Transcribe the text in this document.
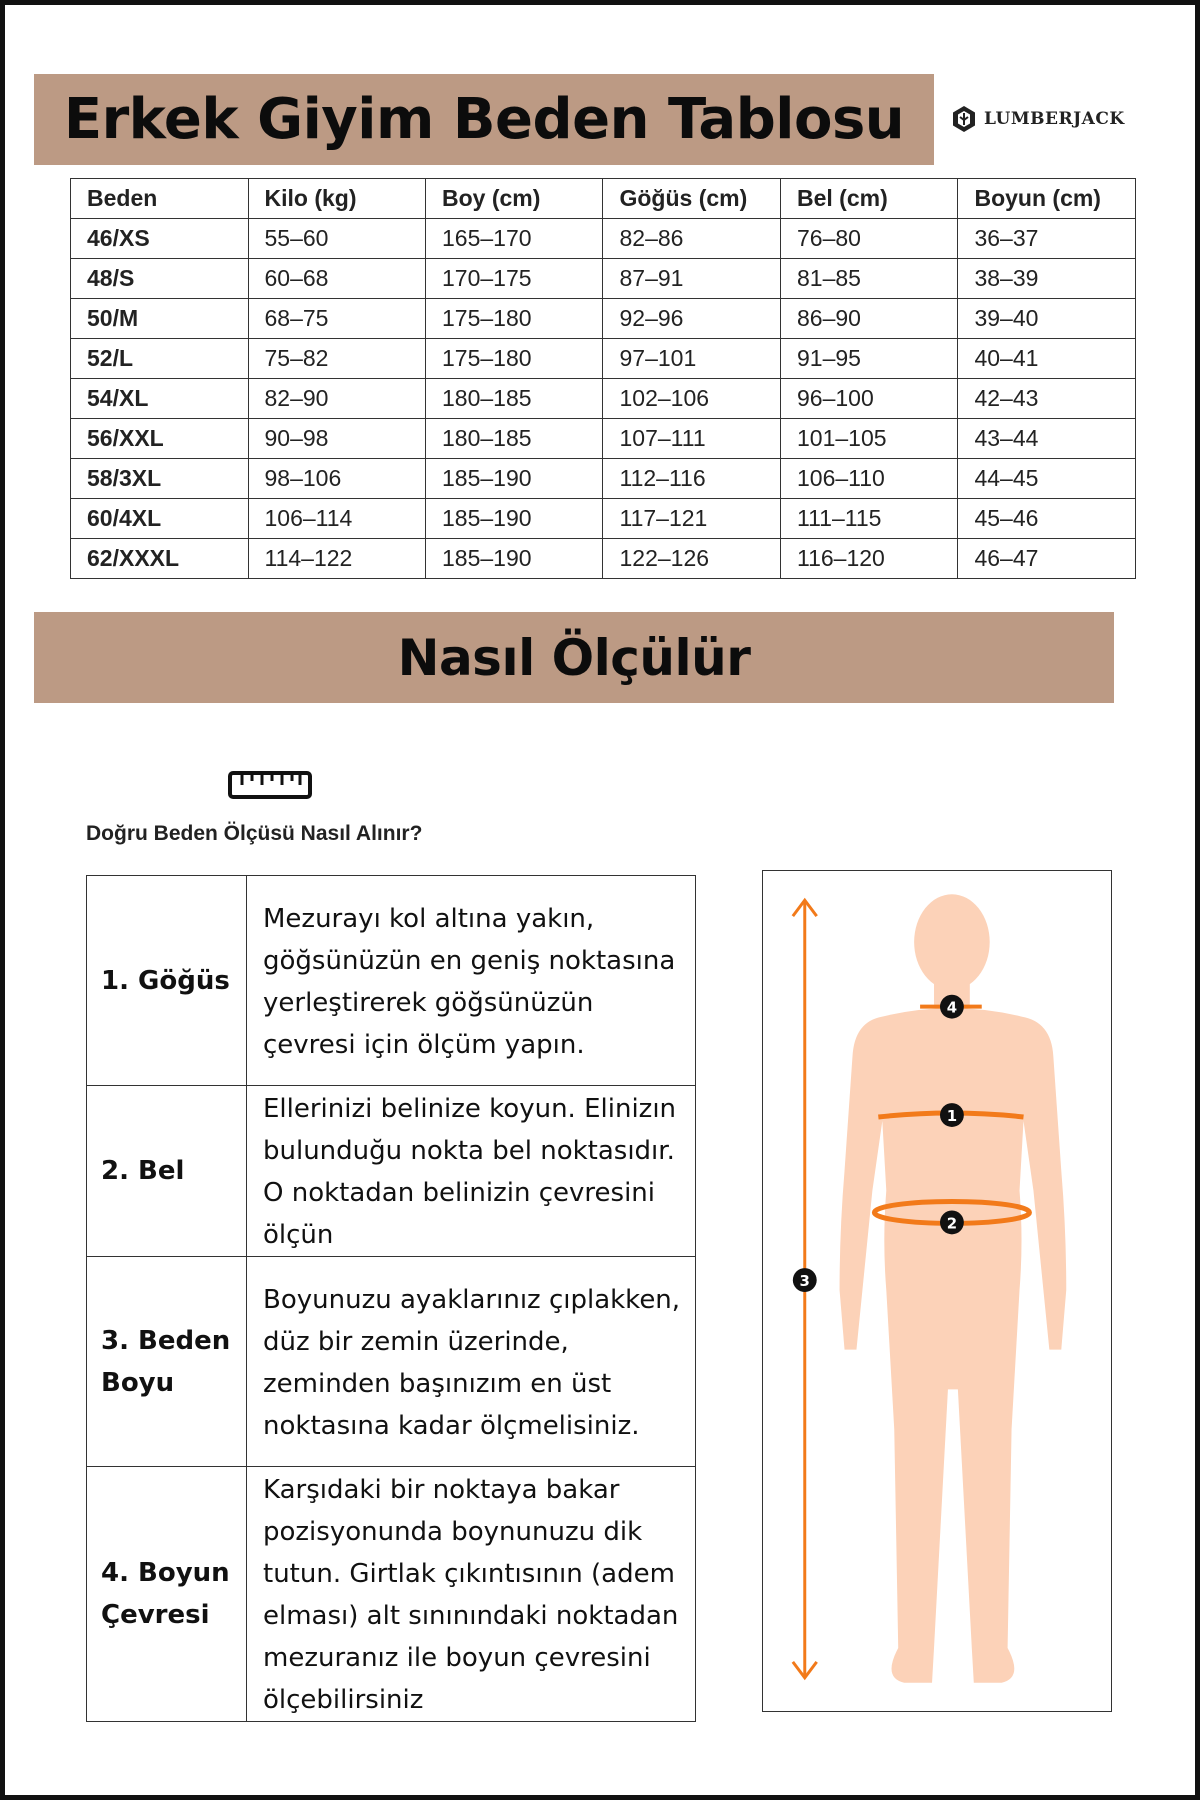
Erkek Giyim Beden Tablosu	LUMBERJACK
Beden	Kilo (kg)	Boy (cm)	Göğüs (cm)	Bel (cm)	Boyun (cm)
46/XS	55–60	165–170	82–86	76–80	36–37
48/S	60–68	170–175	87–91	81–85	38–39
50/M	68–75	175–180	92–96	86–90	39–40
52/L	75–82	175–180	97–101	91–95	40–41
54/XL	82–90	180–185	102–106	96–100	42–43
56/XXL	90–98	180–185	107–111	101–105	43–44
58/3XL	98–106	185–190	112–116	106–110	44–45
60/4XL	106–114	185–190	117–121	111–115	45–46
62/XXXL	114–122	185–190	122–126	116–120	46–47
Nasıl Ölçülür
Doğru Beden Ölçüsü Nasıl Alınır?
1. Göğüs	Mezurayı kol altına yakın, göğsünüzün en geniş noktasına yerleştirerek göğsünüzün çevresi için ölçüm yapın.
2. Bel	Ellerinizi belinize koyun. Elinizın bulunduğu nokta bel noktasıdır. O noktadan belinizin çevresini ölçün
3. Beden Boyu	Boyunuzu ayaklarınız çıplakken, düz bir zemin üzerinde, zeminden başınızım en üst noktasına kadar ölçmelisiniz.
4. Boyun Çevresi	Karşıdaki bir noktaya bakar pozisyonunda boynunuzu dik tutun. Girtlak çıkıntısının (adem elması) alt sınınındaki noktadan mezuranız ile boyun çevresini ölçebilirsiniz
4
1
2
3
